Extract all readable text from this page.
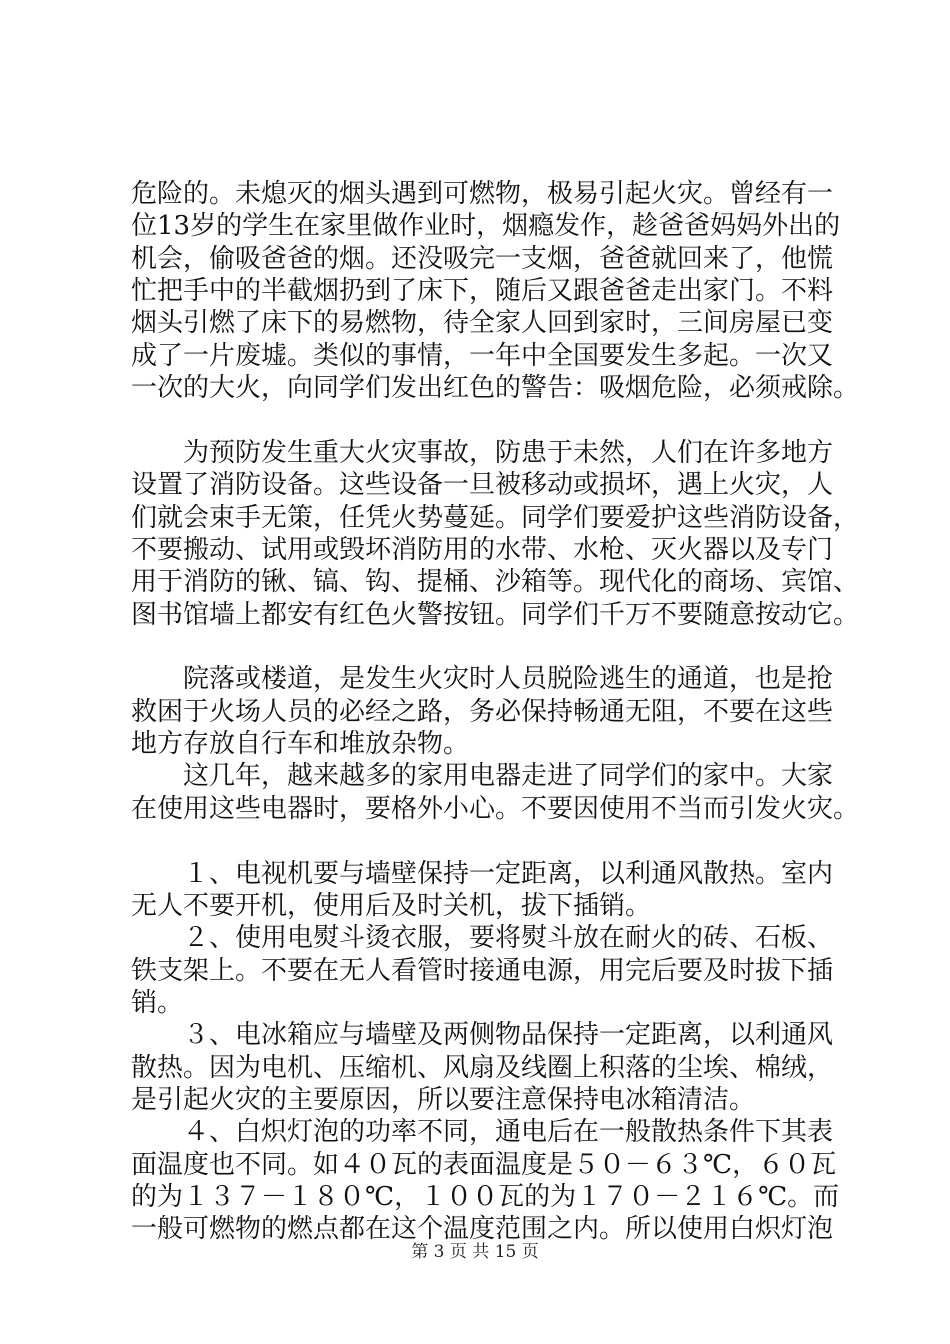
危险的。未熄灭的烟头遇到可燃物，极易引起火灾。曾经有一
位13岁的学生在家里做作业时，烟瘾发作，趁爸爸妈妈外出的
机会，偷吸爸爸的烟。还没吸完一支烟，爸爸就回来了，他慌
忙把手中的半截烟扔到了床下，随后又跟爸爸走出家门。不料
烟头引燃了床下的易燃物，待全家人回到家时，三间房屋已变
成了一片废墟。类似的事情，一年中全国要发生多起。一次又
一次的大火，向同学们发出红色的警告：吸烟危险，必须戒除。
　　为预防发生重大火灾事故，防患于未然，人们在许多地方
设置了消防设备。这些设备一旦被移动或损坏，遇上火灾，人
们就会束手无策，任凭火势蔓延。同学们要爱护这些消防设备，
不要搬动、试用或毁坏消防用的水带、水枪、灭火器以及专门
用于消防的锹、镐、钩、提桶、沙箱等。现代化的商场、宾馆、
图书馆墙上都安有红色火警按钮。同学们千万不要随意按动它。
　　院落或楼道，是发生火灾时人员脱险逃生的通道，也是抢
救困于火场人员的必经之路，务必保持畅通无阻，不要在这些
地方存放自行车和堆放杂物。
　　这几年，越来越多的家用电器走进了同学们的家中。大家
在使用这些电器时，要格外小心。不要因使用不当而引发火灾。
　　１、电视机要与墙壁保持一定距离，以利通风散热。室内
无人不要开机，使用后及时关机，拔下插销。
　　２、使用电熨斗烫衣服，要将熨斗放在耐火的砖、石板、
铁支架上。不要在无人看管时接通电源，用完后要及时拔下插
销。
　　３、电冰箱应与墙壁及两侧物品保持一定距离，以利通风
散热。因为电机、压缩机、风扇及线圈上积落的尘埃、棉绒，
是引起火灾的主要原因，所以要注意保持电冰箱清洁。
　　４、白炽灯泡的功率不同，通电后在一般散热条件下其表
面温度也不同。如４０瓦的表面温度是５０－６３℃，６０瓦
的为１３７－１８０℃，１００瓦的为１７０－２１６℃。而
一般可燃物的燃点都在这个温度范围之内。所以使用白炽灯泡
第 3 页 共 15 页
